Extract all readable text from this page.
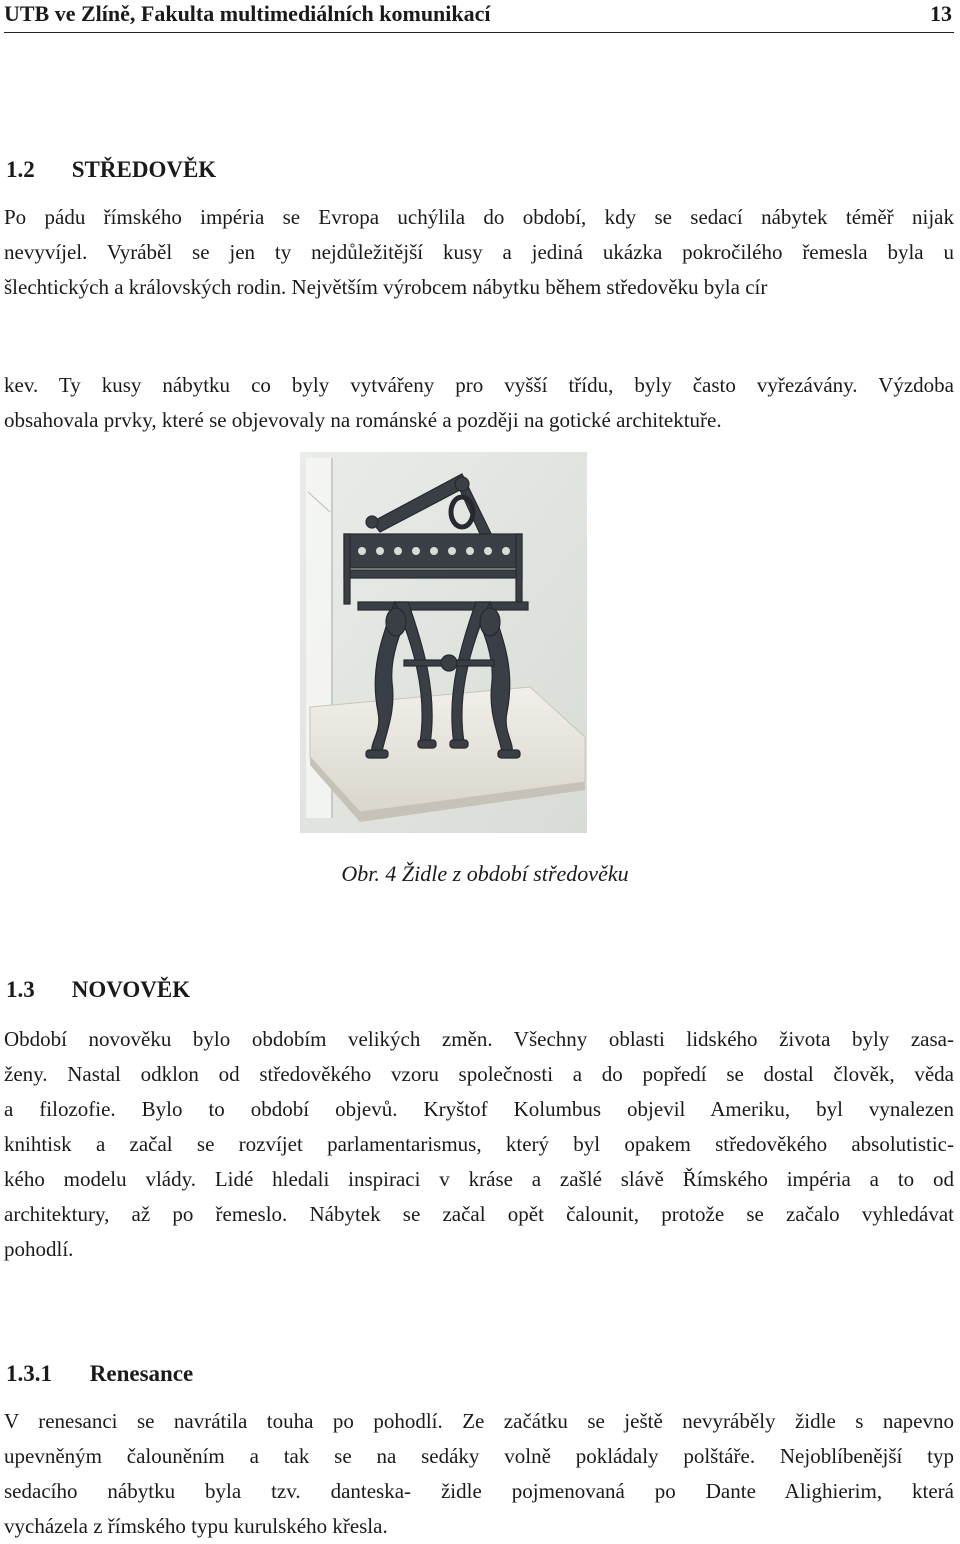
UTB ve Zlíně, Fakulta multimediálních komunikací	13
1.2 STŘEDOVĚK
Po pádu římského impéria se Evropa uchýlila do období, kdy se sedací nábytek téměř nijak
nevyvíjel. Vyráběl se jen ty nejdůležitější kusy a jediná ukázka pokročilého řemesla byla u
šlechtických a královských rodin. Největším výrobcem nábytku během středověku byla cír
kev. Ty kusy nábytku co byly vytvářeny pro vyšší třídu, byly často vyřezávány. Výzdoba
obsahovala prvky, které se objevovaly na románské a později na gotické architektuře.
Obr. 4 Židle z období středověku
1.3 NOVOVĚK
Období novověku bylo obdobím velikých změn. Všechny oblasti lidského života byly zasa-
ženy. Nastal odklon od středověkého vzoru společnosti a do popředí se dostal člověk, věda
a filozofie. Bylo to období objevů. Kryštof Kolumbus objevil Ameriku, byl vynalezen
knihtisk a začal se rozvíjet parlamentarismus, který byl opakem středověkého absolutistic-
kého modelu vlády. Lidé hledali inspiraci v kráse a zašlé slávě Římského impéria a to od
architektury, až po řemeslo. Nábytek se začal opět čalounit, protože se začalo vyhledávat
pohodlí.
1.3.1 Renesance
V renesanci se navrátila touha po pohodlí. Ze začátku se ještě nevyráběly židle s napevno
upevněným čalouněním a tak se na sedáky volně pokládaly polštáře. Nejoblíbenější typ
sedacího nábytku byla tzv. danteska- židle pojmenovaná po Dante Alighierim, která
vycházela z římského typu kurulského křesla.
